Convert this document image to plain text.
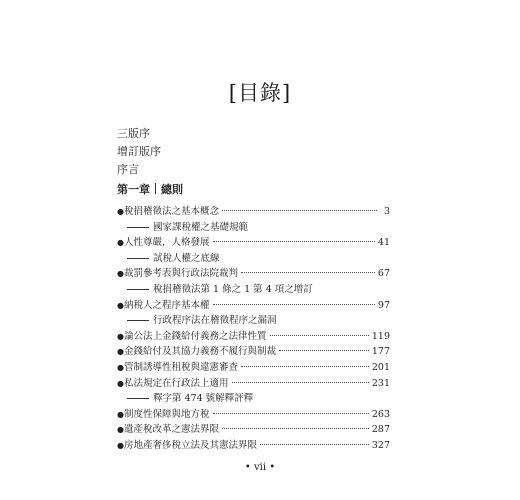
[目錄]
三版序
增訂版序
序言
第一章 總則
● 稅捐稽徵法之基本概念	3
國家課稅權之基礎規範
● 人性尊嚴，人格發展	41
試稅人權之底線
● 裁罰參考表與行政法院裁判	67
稅捐稽徵法第 1 條之 1 第 4 項之增訂
● 納稅人之程序基本權	97
行政程序法在稽徵程序之漏洞
● 論公法上金錢給付義務之法律性質	119
● 金錢給付及其協力義務不履行與制裁	177
● 管制誘導性租稅與違憲審查	201
● 私法規定在行政法上適用	231
釋字第 474 號解釋評釋
● 制度性保障與地方稅	263
● 遺產稅改革之憲法界限	287
● 房地產奢侈稅立法及其憲法界限	327
• vii •
